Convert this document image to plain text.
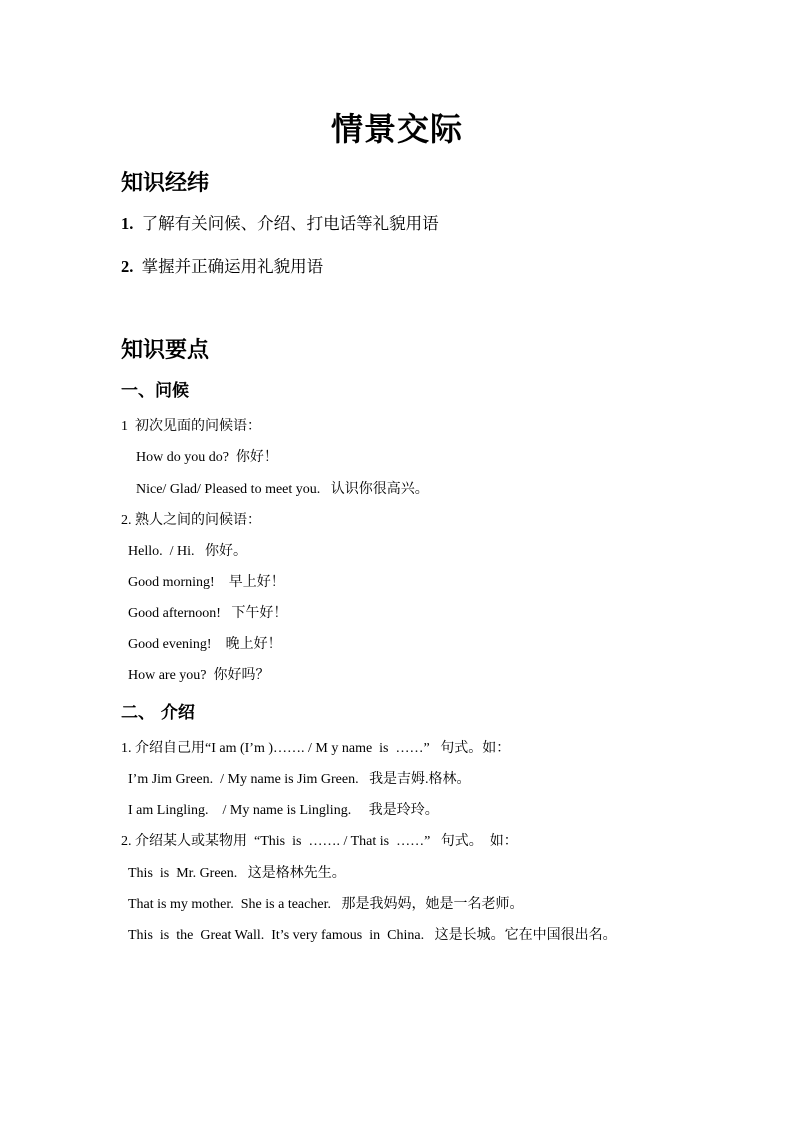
情景交际
知识经纬
1. 了解有关问候、介绍、打电话等礼貌用语
2. 掌握并正确运用礼貌用语
知识要点
一、问候
1  初次见面的问候语：
How do you do?  你好！
Nice/ Glad/ Pleased to meet you.   认识你很高兴。
2. 熟人之间的问候语：
Hello.  / Hi.   你好。
Good morning!    早上好！
Good afternoon!   下午好！
Good evening!    晚上好！
How are you?  你好吗？
二、 介绍
1. 介绍自己用“I am (I’m )……. / M y name  is  ……”   句式。如：
I’m Jim Green.  / My name is Jim Green.   我是吉姆.格林。
I am Lingling.    / My name is Lingling.     我是玲玲。
2. 介绍某人或某物用  “This  is  ……. / That is  ……”   句式。  如：
This  is  Mr. Green.   这是格林先生。
That is my mother.  She is a teacher.   那是我妈妈，她是一名老师。
This  is  the  Great Wall.  It’s very famous  in  China.   这是长城。它在中国很出名。
